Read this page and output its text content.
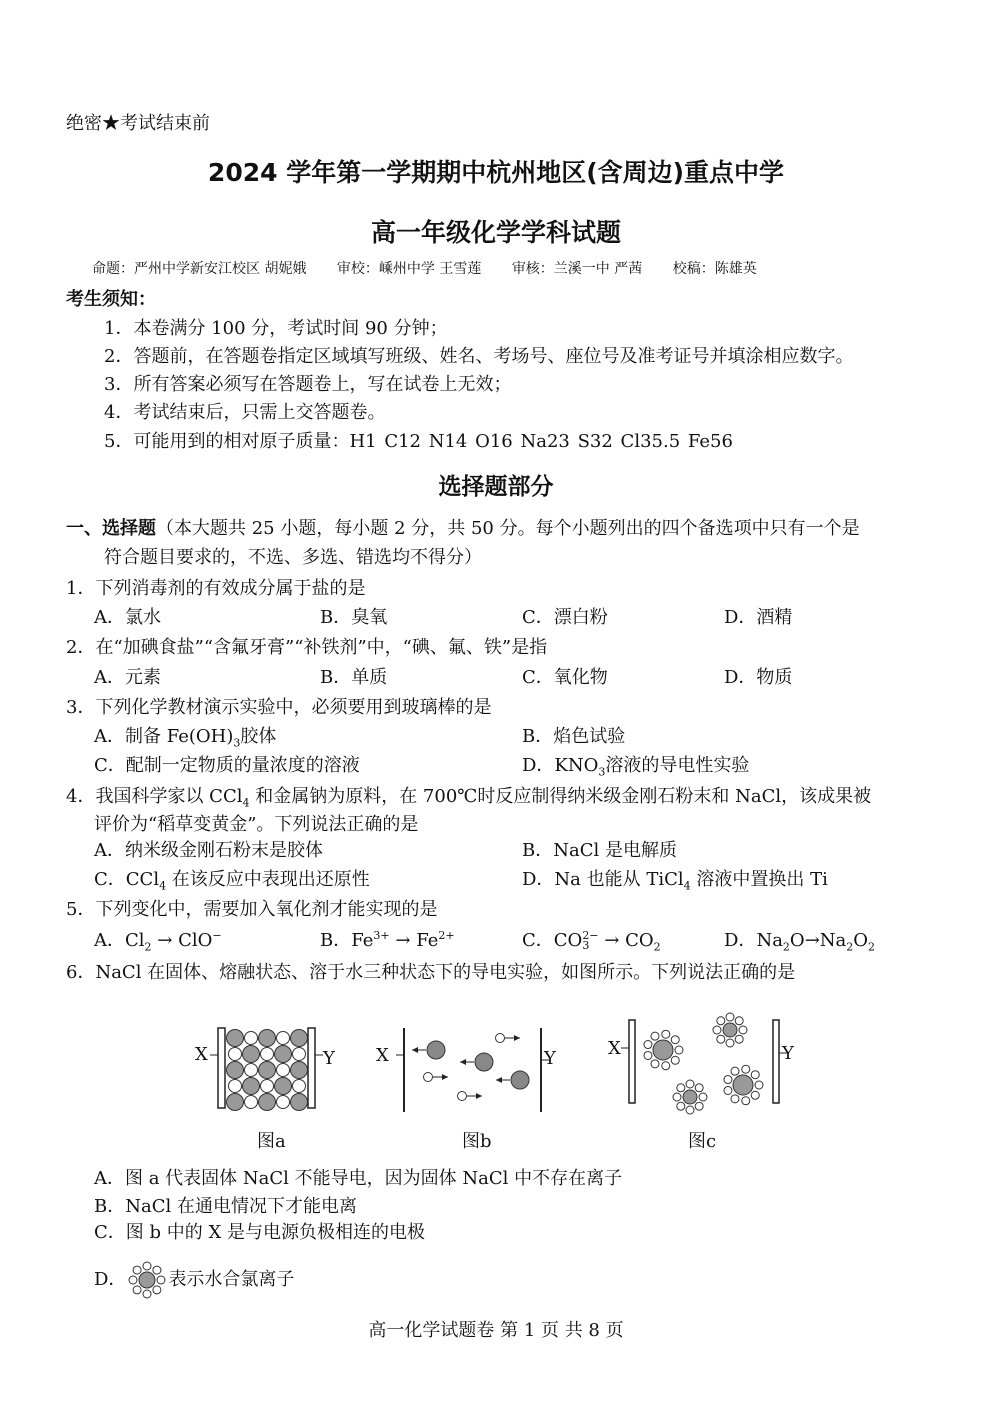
绝密★考试结束前
2024 学年第一学期期中杭州地区(含周边)重点中学
高一年级化学学科试题
命题：严州中学新安江校区 胡妮娥 审校：嵊州中学 王雪莲 审核：兰溪一中 严茜 校稿：陈雄英
考生须知：
1．本卷满分 100 分，考试时间 90 分钟；
2．答题前，在答题卷指定区域填写班级、姓名、考场号、座位号及准考证号并填涂相应数字。
3．所有答案必须写在答题卷上，写在试卷上无效；
4．考试结束后，只需上交答题卷。
5．可能用到的相对原子质量：H1 C12 N14 O16 Na23 S32 Cl35.5 Fe56
选择题部分
一、选择题（本大题共 25 小题，每小题 2 分，共 50 分。每个小题列出的四个备选项中只有一个是
符合题目要求的，不选、多选、错选均不得分）
1．下列消毒剂的有效成分属于盐的是
A．氯水	B．臭氧	C．漂白粉	D．酒精
2．在“加碘食盐”“含氟牙膏”“补铁剂”中，“碘、氟、铁”是指
A．元素	B．单质	C．氧化物	D．物质
3．下列化学教材演示实验中，必须要用到玻璃棒的是
A．制备 $Fe(OH)_3$胶体	B．焰色试验
C．配制一定物质的量浓度的溶液	D．$KNO_3$溶液的导电性实验
4．我国科学家以 CCl$_4$ 和金属钠为原料，在 700℃时反应制得纳米级金刚石粉末和 NaCl，该成果被
评价为“稻草变黄金”。下列说法正确的是
A．纳米级金刚石粉末是胶体	B．NaCl 是电解质
C．CCl$_4$ 在该反应中表现出还原性	D．Na 也能从 TiCl$_4$ 溶液中置换出 Ti
5．下列变化中，需要加入氧化剂才能实现的是
A．$Cl_2 \to ClO^-$	B．$Fe^{3+} \to Fe^{2+}$	C．CO 2−
$3 \to CO_2$	D．$Na_2O\to Na_2O_2$
6．NaCl 在固体、熔融状态、溶于水三种状态下的导电实验，如图所示。下列说法正确的是
X	Y
图a
X	Y
图b
X	Y
图c
A．图 a 代表固体 NaCl 不能导电，因为固体 NaCl 中不存在离子
B．NaCl 在通电情况下才能电离
C．图 b 中的 X 是与电源负极相连的电极
D． 表示水合氯离子
高一化学试题卷 第 1 页 共 8 页
